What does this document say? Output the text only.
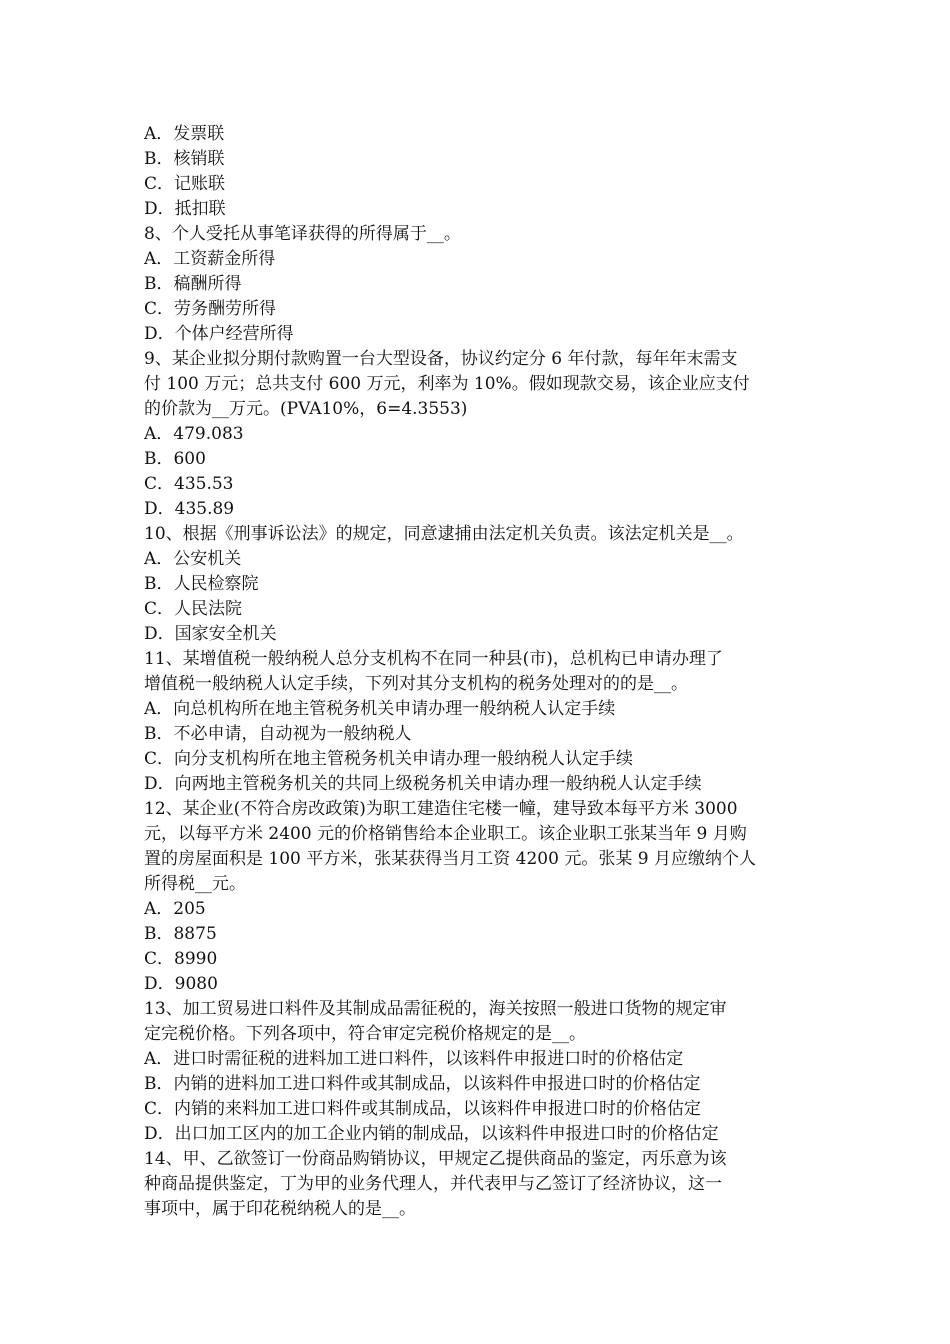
A．发票联
B．核销联
C．记账联
D．抵扣联
8、个人受托从事笔译获得的所得属于__。
A．工资薪金所得
B．稿酬所得
C．劳务酬劳所得
D．个体户经营所得
9、某企业拟分期付款购置一台大型设备，协议约定分 6 年付款，每年年末需支
付 100 万元；总共支付 600 万元，利率为 10%。假如现款交易，该企业应支付
的价款为__万元。(PVA10%，6=4.3553)
A．479.083
B．600
C．435.53
D．435.89
10、根据《刑事诉讼法》的规定，同意逮捕由法定机关负责。该法定机关是__。
A．公安机关
B．人民检察院
C．人民法院
D．国家安全机关
11、某增值税一般纳税人总分支机构不在同一种县(市)，总机构已申请办理了
增值税一般纳税人认定手续，下列对其分支机构的税务处理对的的是__。
A．向总机构所在地主管税务机关申请办理一般纳税人认定手续
B．不必申请，自动视为一般纳税人
C．向分支机构所在地主管税务机关申请办理一般纳税人认定手续
D．向两地主管税务机关的共同上级税务机关申请办理一般纳税人认定手续
12、某企业(不符合房改政策)为职工建造住宅楼一幢，建导致本每平方米 3000
元，以每平方米 2400 元的价格销售给本企业职工。该企业职工张某当年 9 月购
置的房屋面积是 100 平方米，张某获得当月工资 4200 元。张某 9 月应缴纳个人
所得税__元。
A．205
B．8875
C．8990
D．9080
13、加工贸易进口料件及其制成品需征税的，海关按照一般进口货物的规定审
定完税价格。下列各项中，符合审定完税价格规定的是__。
A．进口时需征税的进料加工进口料件，以该料件申报进口时的价格估定
B．内销的进料加工进口料件或其制成品，以该料件申报进口时的价格估定
C．内销的来料加工进口料件或其制成品，以该料件申报进口时的价格估定
D．出口加工区内的加工企业内销的制成品，以该料件申报进口时的价格估定
14、甲、乙欲签订一份商品购销协议，甲规定乙提供商品的鉴定，丙乐意为该
种商品提供鉴定，丁为甲的业务代理人，并代表甲与乙签订了经济协议，这一
事项中，属于印花税纳税人的是__。
